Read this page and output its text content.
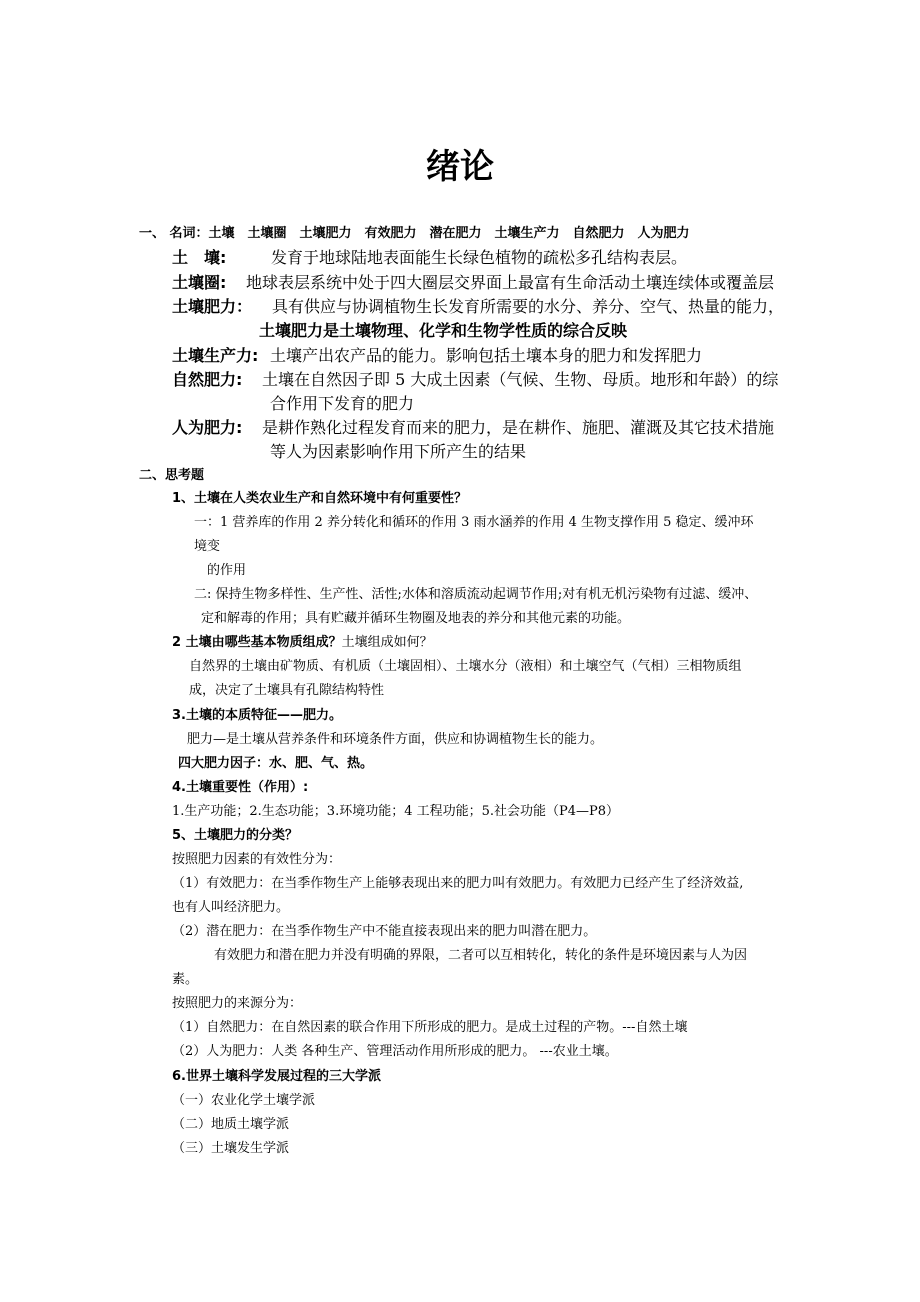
绪论
一、 名词：土壤　土壤圈　土壤肥力　有效肥力　潜在肥力　土壤生产力　自然肥力　人为肥力
土　壤:	发育于地球陆地表面能生长绿色植物的疏松多孔结构表层。
土壤圈: 地球表层系统中处于四大圈层交界面上最富有生命活动土壤连续体或覆盖层
土壤肥力： 具有供应与协调植物生长发育所需要的水分、养分、空气、热量的能力，
土壤肥力是土壤物理、化学和生物学性质的综合反映
土壤生产力: 土壤产出农产品的能力。影响包括土壤本身的肥力和发挥肥力
自然肥力: 土壤在自然因子即 5 大成土因素（气候、生物、母质。地形和年龄）的综
合作用下发育的肥力
人为肥力: 是耕作熟化过程发育而来的肥力，是在耕作、施肥、灌溉及其它技术措施
等人为因素影响作用下所产生的结果
二、思考题
1、土壤在人类农业生产和自然环境中有何重要性？
一：1 营养库的作用 2 养分转化和循环的作用 3 雨水涵养的作用 4 生物支撑作用 5 稳定、缓冲环
境变
的作用
二: 保持生物多样性、生产性、活性;水体和溶质流动起调节作用;对有机无机污染物有过滤、缓冲、
定和解毒的作用；具有贮藏并循环生物圈及地表的养分和其他元素的功能。
2 土壤由哪些基本物质组成？土壤组成如何？
自然界的土壤由矿物质、有机质（土壤固相）、土壤水分（液相）和土壤空气（气相）三相物质组
成，决定了土壤具有孔隙结构特性
3.土壤的本质特征——肥力。
肥力—是土壤从营养条件和环境条件方面，供应和协调植物生长的能力。
四大肥力因子：水、肥、气、热。
4.土壤重要性（作用）:
1.生产功能；2.生态功能；3.环境功能；4 工程功能；5.社会功能（P4—P8）
5、土壤肥力的分类？
按照肥力因素的有效性分为：
（1）有效肥力：在当季作物生产上能够表现出来的肥力叫有效肥力。有效肥力已经产生了经济效益,
也有人叫经济肥力。
（2）潜在肥力：在当季作物生产中不能直接表现出来的肥力叫潜在肥力。
有效肥力和潜在肥力并没有明确的界限，二者可以互相转化，转化的条件是环境因素与人为因
素。
按照肥力的来源分为：
（1）自然肥力：在自然因素的联合作用下所形成的肥力。是成土过程的产物。---自然土壤
（2）人为肥力：人类 各种生产、管理活动作用所形成的肥力。 ---农业土壤。
6.世界土壤科学发展过程的三大学派
（一）农业化学土壤学派
（二）地质土壤学派
（三）土壤发生学派
